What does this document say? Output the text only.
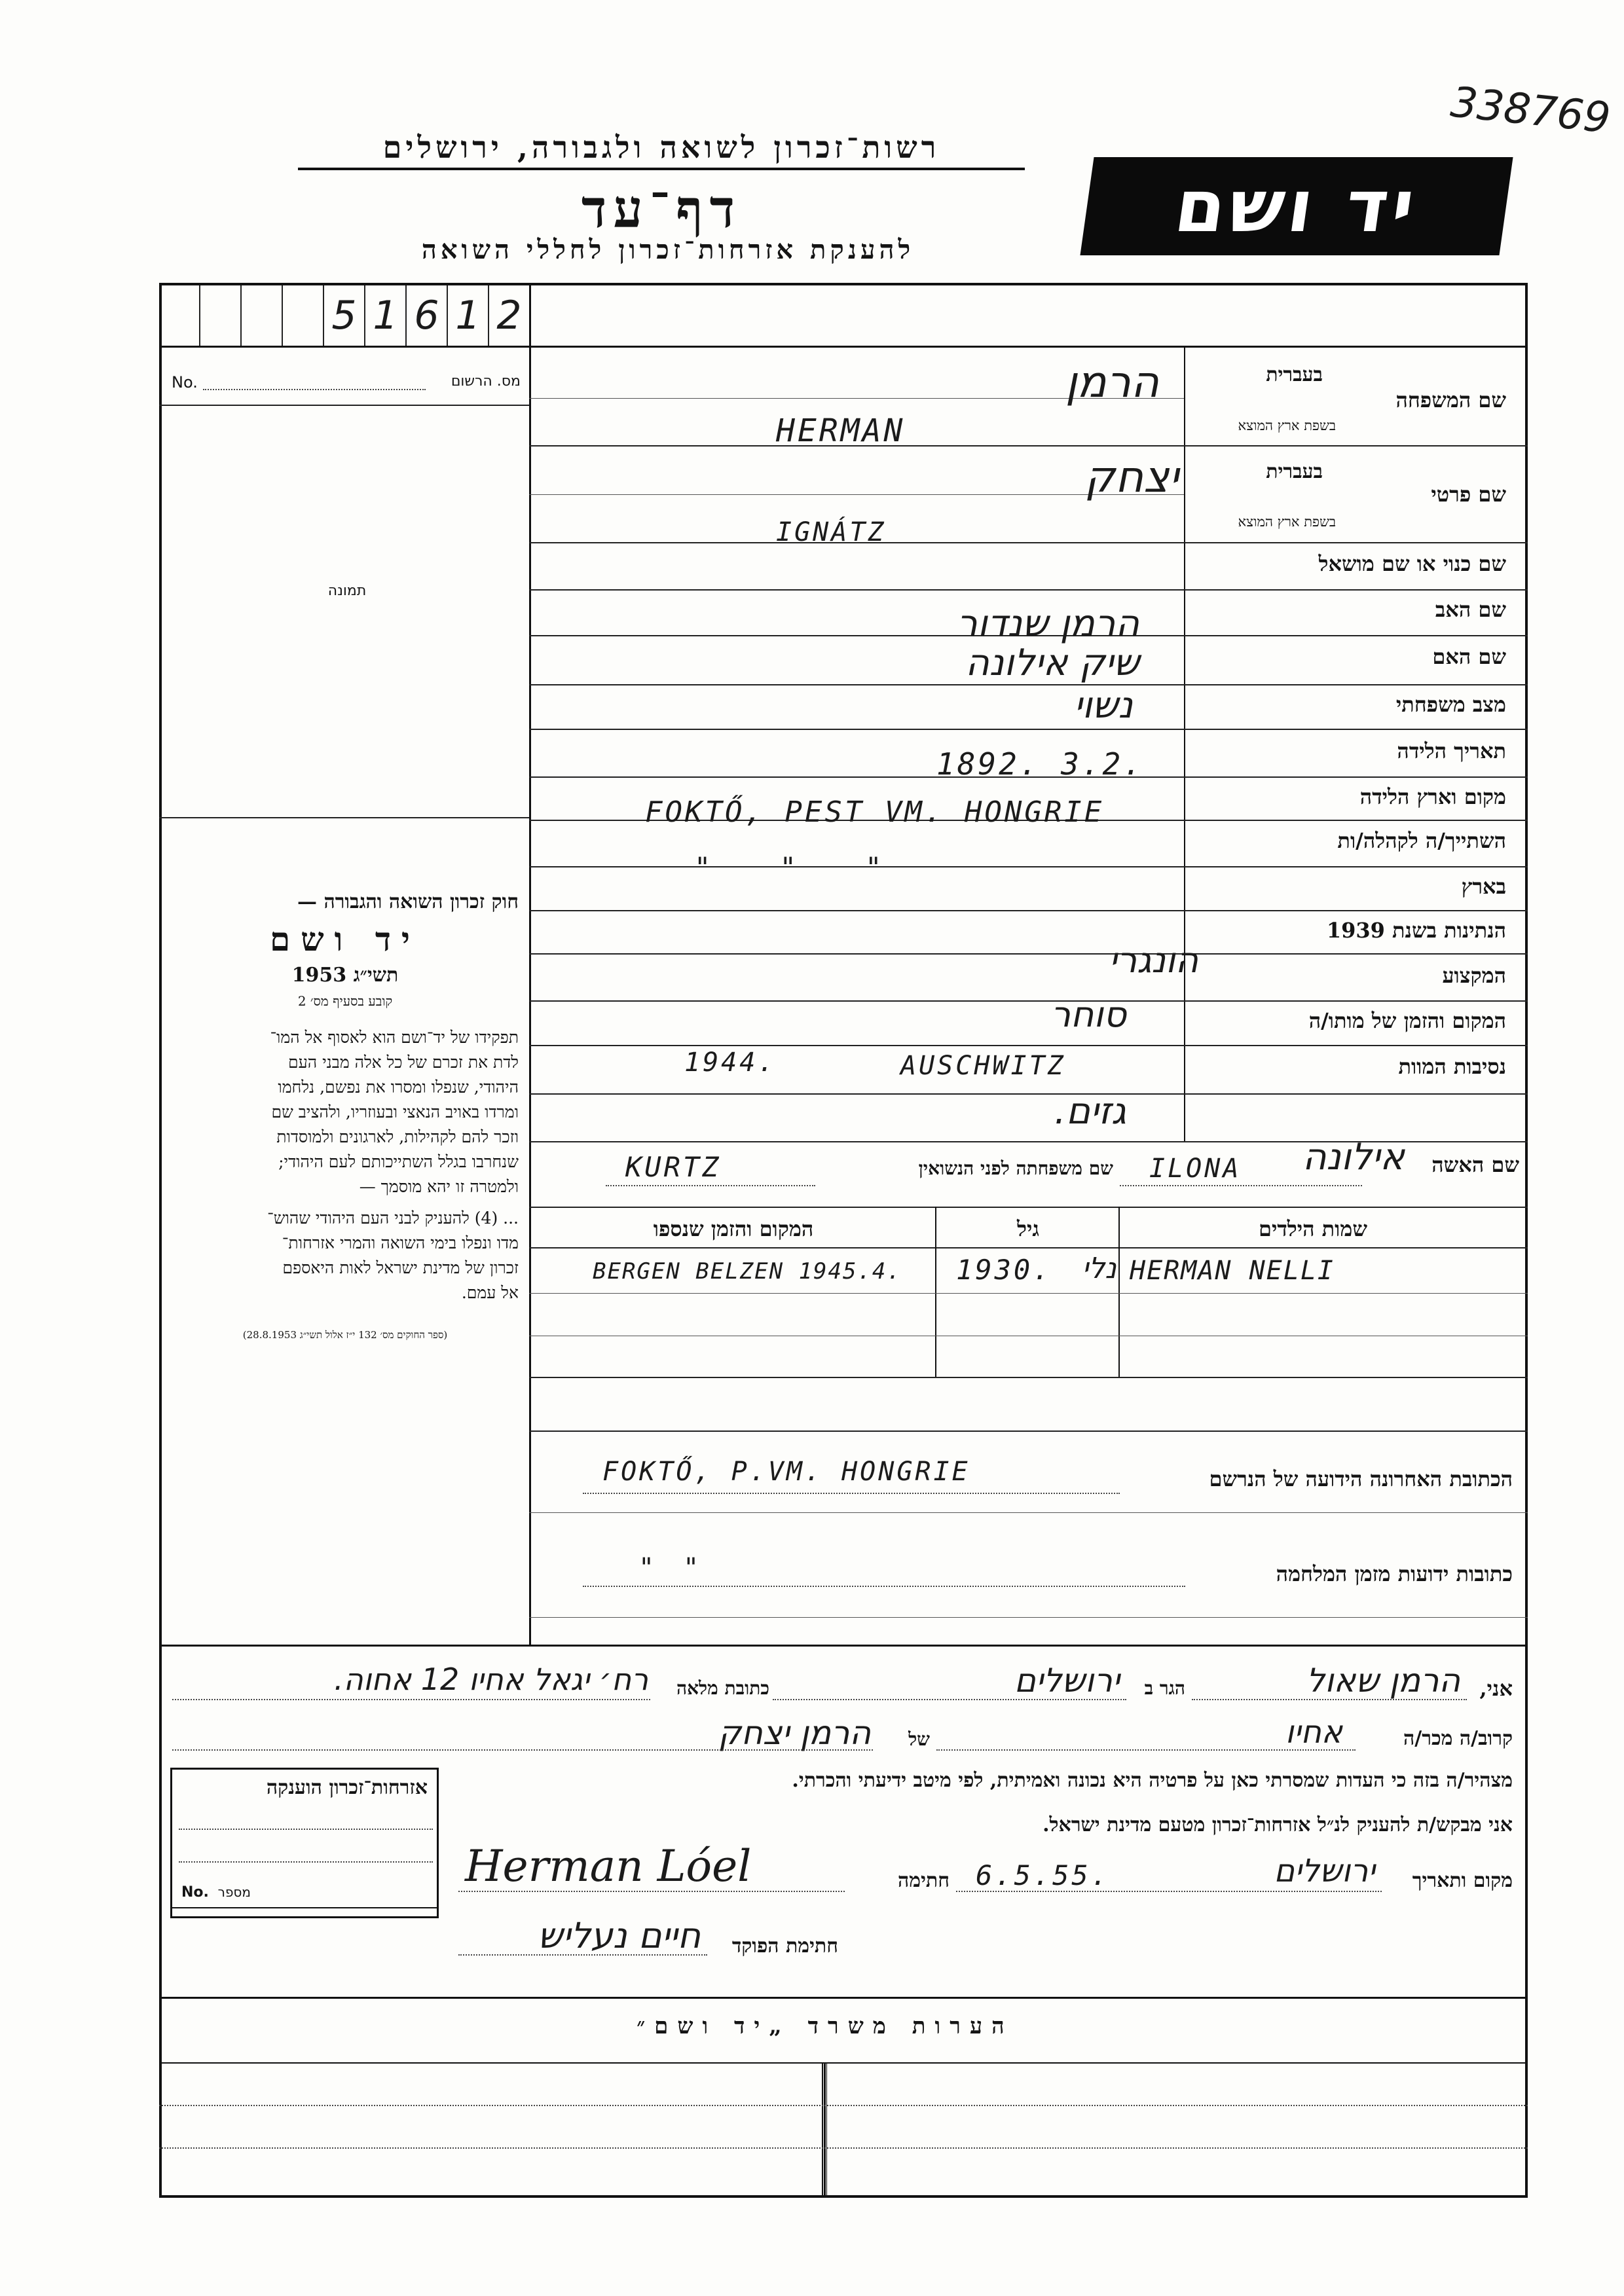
רשות־זכרון לשואה ולגבורה, ירושלים
דף־עד
להענקת אזרחות־זכרון לחללי השואה
יד ושם
338769
5 1 6 1 2
No.	מס. הרשום
תמונה
חוק זכרון השואה והגבורה —
יד ושם
תשי״ג 1953
קובע בסעיף מס׳ 2
תפקידו של יד־ושם הוא לאסוף אל המו־
לדת את זכרם של כל אלה מבני העם
היהודי, שנפלו ומסרו את נפשם, נלחמו
ומרדו באויב הנאצי ובעוזריו, ולהציב שם
וזכר להם לקהילות, לארגונים ולמוסדות
שנחרבו בגלל השתייכותם לעם היהודי;
ולמטרה זו יהא מוסמך —
... (4) להעניק לבני העם היהודי שהוש־
מדו ונפלו בימי השואה והמרי אזרחות־
זכרון של מדינת ישראל לאות היאספם
אל עמם.
(ספר החוקים מס׳ 132 י״ז אלול תשי״ג 28.8.1953)
שם המשפחה
בעברית
בשפת ארץ המוצא
שם פרטי
בעברית
בשפת ארץ המוצא
שם כנוי או שם מושאל
שם האב
שם האם
מצב משפחתי
תאריך הלידה
מקום וארץ הלידה
השתייך/ה לקהלה/ות
בארץ
הנתינות בשנת 1939
המקצוע
המקום והזמן של מותו/ה
נסיבות המוות
הרמן
HERMAN
יצחק
IGNÁTZ
הרמן שנדור
שיק אילונה
נשוי
1892. 3.2.
FOKTŐ, PEST VM. HONGRIE
" " "
הונגרי
סוחר
1944.	AUSCHWITZ
גזים.
שם האשה
אילונה
ILONA
שם משפחתה לפני הנשואין
KURTZ
שמות הילדים
גיל
המקום והזמן שנספו
HERMAN NELLI
נלי
1930.
BERGEN BELZEN 1945.4.
הכתובת האחרונה הידועה של הנרשם
FOKTŐ, P.VM. HONGRIE
כתובות ידועות מזמן המלחמה
" "
אני,
הרמן שאול
הגר ב
ירושלים
כתובת מלאה
רח׳ יגאל אחיו 12 אחוה.
קרוב/ה מכר/ה
אחיו
של
הרמן יצחק
מצהיר/ה בזה כי העדות שמסרתי כאן על פרטיה היא נכונה ואמיתית, לפי מיטב ידיעתי והכרתי.
אני מבקש/ת להעניק לנ״ל אזרחות־זכרון מטעם מדינת ישראל.
מקום ותאריך
ירושלים
6.5.55.
חתימה
Herman Lóel
חתימת הפוקד
חיים נעליש
אזרחות־זכרון הוענקה
No. מספר
הערות משרד „יד ושם״
